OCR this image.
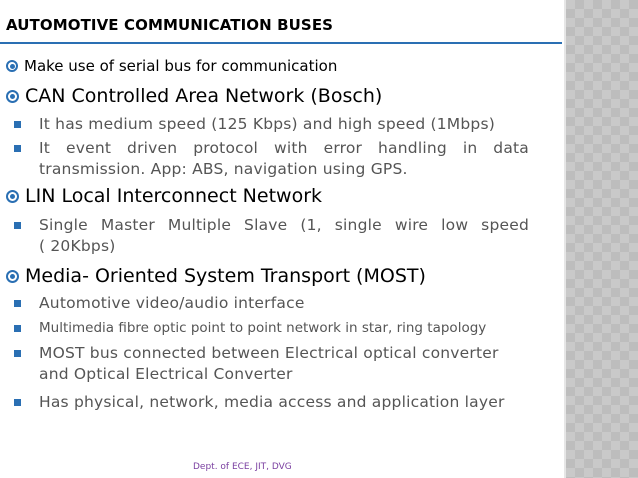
AUTOMOTIVE COMMUNICATION BUSES
Make use of serial bus for communication
CAN Controlled Area Network (Bosch)
It has medium speed (125 Kbps) and high speed (1Mbps)
It event driven protocol with error handling in data
transmission. App: ABS, navigation using GPS.
LIN Local Interconnect Network
Single Master Multiple Slave (1, single wire low speed
( 20Kbps)
Media- Oriented System Transport (MOST)
Automotive video/audio interface
Multimedia fibre optic point to point network in star, ring tapology
MOST bus connected between Electrical optical converter
and Optical Electrical Converter
Has physical, network, media access and application layer
Dept. of ECE, JIT, DVG
